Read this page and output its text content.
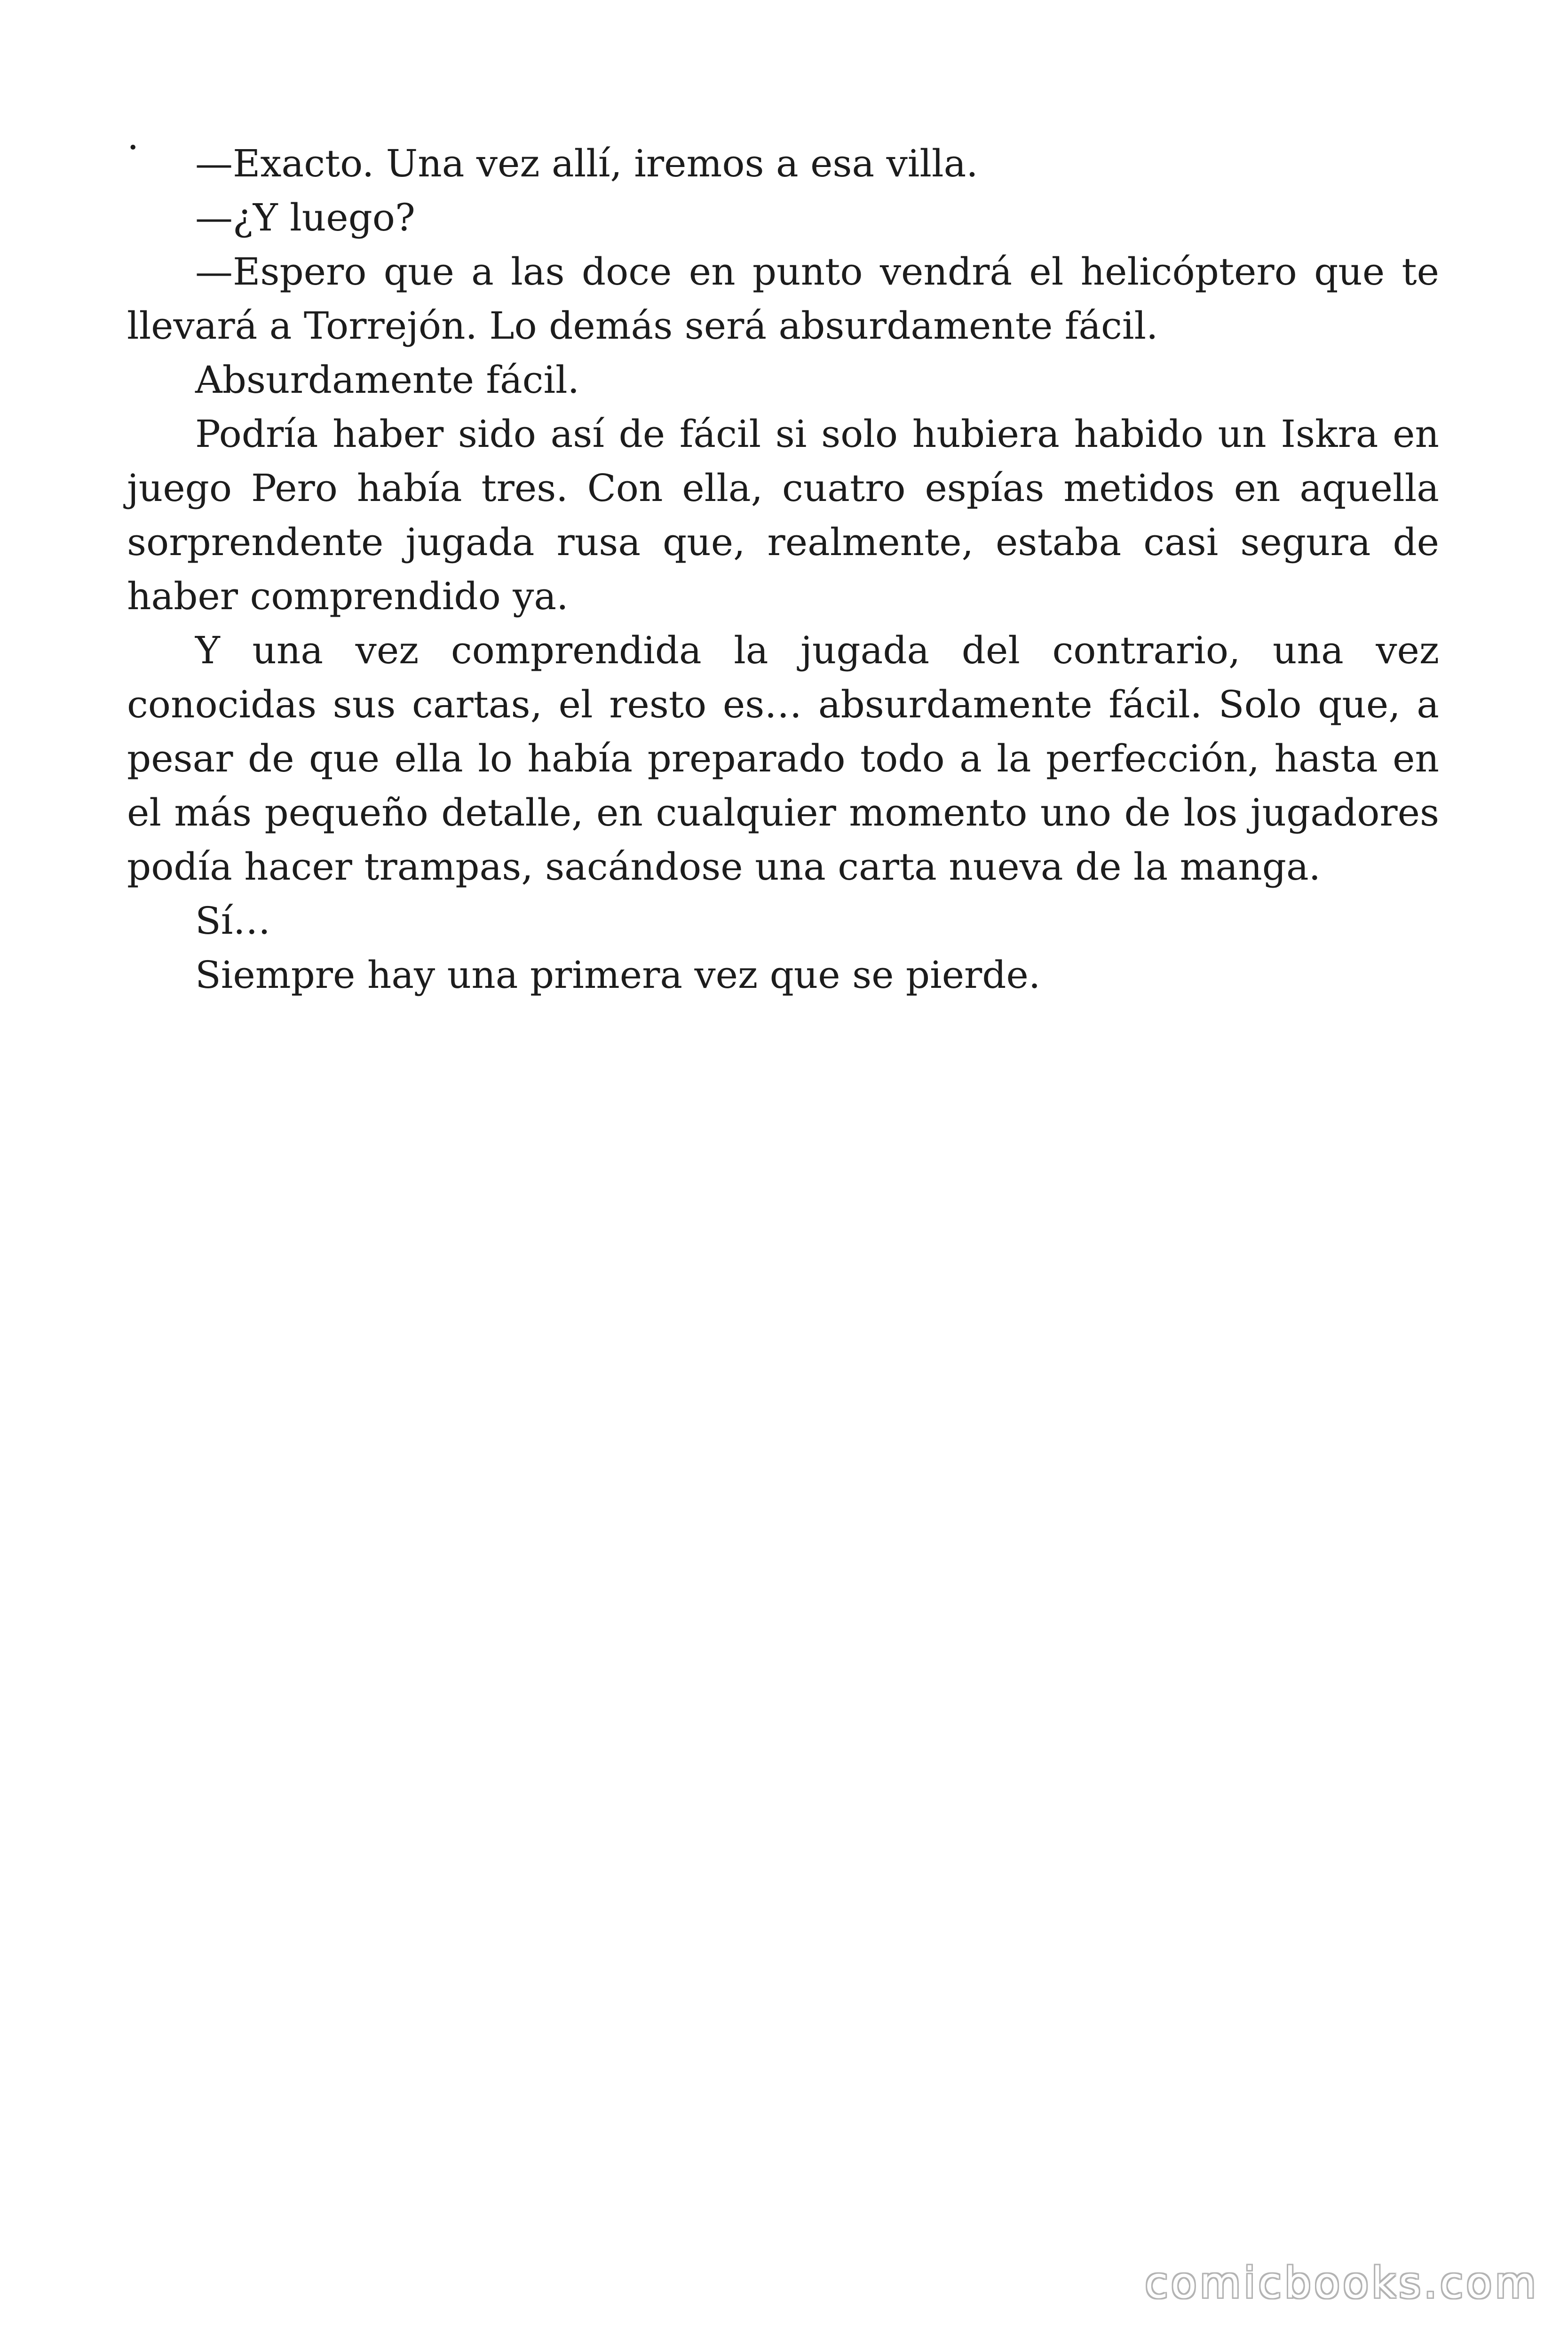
.

—Exacto. Una vez allí, iremos a esa villa.

—¿Y luego?

—Espero que a las doce en punto vendrá el helicóptero que te llevará a Torrejón. Lo demás será absurdamente fácil.

Absurdamente fácil.

Podría haber sido así de fácil si solo hubiera habido un Iskra en juego Pero había tres. Con ella, cuatro espías metidos en aquella sorprendente jugada rusa que, realmente, estaba casi segura de haber comprendido ya.

Y una vez comprendida la jugada del contrario, una vez conocidas sus cartas, el resto es… absurdamente fácil. Solo que, a pesar de que ella lo había preparado todo a la perfección, hasta en el más pequeño detalle, en cualquier momento uno de los jugadores podía hacer trampas, sacándose una carta nueva de la manga.

Sí…

Siempre hay una primera vez que se pierde.

comicbooks.com
